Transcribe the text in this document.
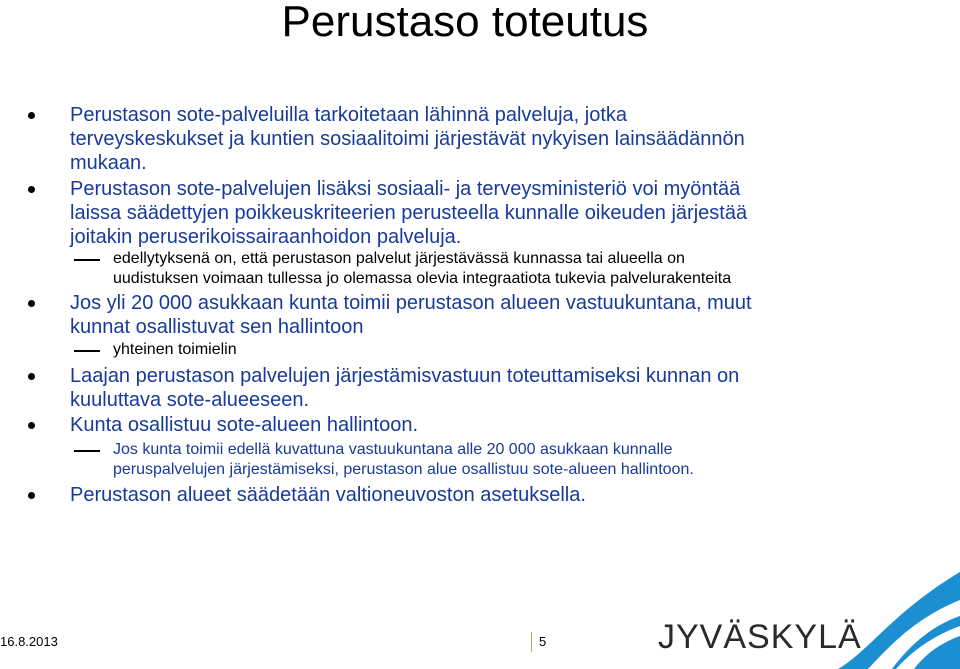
Perustaso toteutus
Perustason sote-palveluilla tarkoitetaan lähinnä palveluja, jotka
terveyskeskukset ja kuntien sosiaalitoimi järjestävät nykyisen lainsäädännön
mukaan.
Perustason sote-palvelujen lisäksi sosiaali- ja terveysministeriö voi myöntää
laissa säädettyjen poikkeuskriteerien perusteella kunnalle oikeuden järjestää
joitakin peruserikoissairaanhoidon palveluja.
edellytyksenä on, että perustason palvelut järjestävässä kunnassa tai alueella on
uudistuksen voimaan tullessa jo olemassa olevia integraatiota tukevia palvelurakenteita
Jos yli 20 000 asukkaan kunta toimii perustason alueen vastuukuntana, muut
kunnat osallistuvat sen hallintoon
yhteinen toimielin
Laajan perustason palvelujen järjestämisvastuun toteuttamiseksi kunnan on
kuuluttava sote-alueeseen.
Kunta osallistuu sote-alueen hallintoon.
Jos kunta toimii edellä kuvattuna vastuukuntana alle 20 000 asukkaan kunnalle
peruspalvelujen järjestämiseksi, perustason alue osallistuu sote-alueen hallintoon.
Perustason alueet säädetään valtioneuvoston asetuksella.
16.8.2013	5	JYVÄSKYLÄ
